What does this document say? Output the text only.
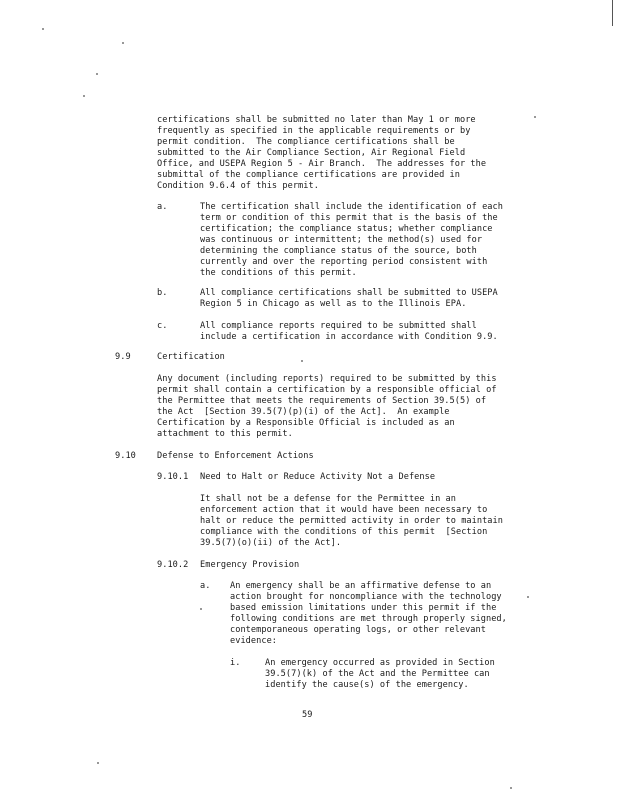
certifications shall be submitted no later than May 1 or more
frequently as specified in the applicable requirements or by
permit condition.  The compliance certifications shall be
submitted to the Air Compliance Section, Air Regional Field
Office, and USEPA Region 5 - Air Branch.  The addresses for the
submittal of the compliance certifications are provided in
Condition 9.6.4 of this permit.
a.	The certification shall include the identification of each
term or condition of this permit that is the basis of the
certification; the compliance status; whether compliance
was continuous or intermittent; the method(s) used for
determining the compliance status of the source, both
currently and over the reporting period consistent with
the conditions of this permit.
b.	All compliance certifications shall be submitted to USEPA
Region 5 in Chicago as well as to the Illinois EPA.
c.	All compliance reports required to be submitted shall
include a certification in accordance with Condition 9.9.
9.9	Certification
Any document (including reports) required to be submitted by this
permit shall contain a certification by a responsible official of
the Permittee that meets the requirements of Section 39.5(5) of
the Act  [Section 39.5(7)(p)(i) of the Act].  An example
Certification by a Responsible Official is included as an
attachment to this permit.
9.10 Defense to Enforcement Actions
9.10.1 Need to Halt or Reduce Activity Not a Defense
It shall not be a defense for the Permittee in an
enforcement action that it would have been necessary to
halt or reduce the permitted activity in order to maintain
compliance with the conditions of this permit  [Section
39.5(7)(o)(ii) of the Act].
9.10.2 Emergency Provision
a. An emergency shall be an affirmative defense to an
action brought for noncompliance with the technology
based emission limitations under this permit if the
following conditions are met through properly signed,
contemporaneous operating logs, or other relevant
evidence:
i.	An emergency occurred as provided in Section
39.5(7)(k) of the Act and the Permittee can
identify the cause(s) of the emergency.
59
